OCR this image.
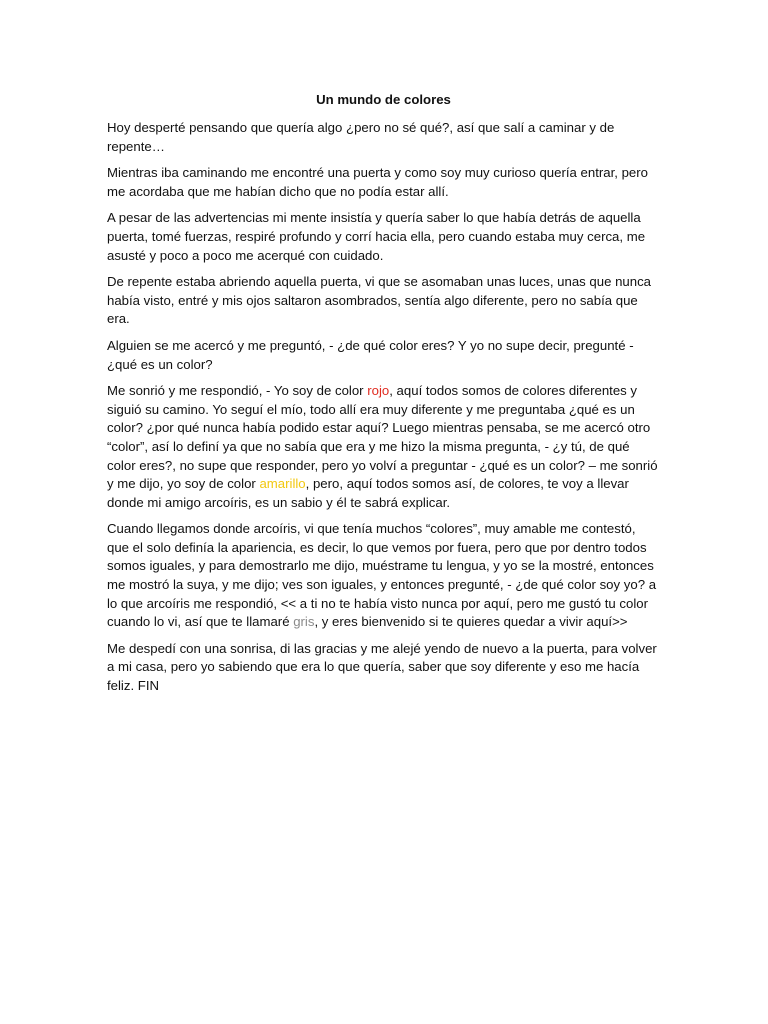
Un mundo de colores

Hoy desperté pensando que quería algo ¿pero no sé qué?, así que salí a caminar y de repente…

Mientras iba caminando me encontré una puerta y como soy muy curioso quería entrar, pero me acordaba que me habían dicho que no podía estar allí.

A pesar de las advertencias mi mente insistía y quería saber lo que había detrás de aquella puerta, tomé fuerzas, respiré profundo y corrí hacia ella, pero cuando estaba muy cerca, me asusté y poco a poco me acerqué con cuidado.

De repente estaba abriendo aquella puerta, vi que se asomaban unas luces, unas que nunca había visto, entré y mis ojos saltaron asombrados, sentía algo diferente, pero no sabía que era.

Alguien se me acercó y me preguntó, - ¿de qué color eres? Y yo no supe decir, pregunté - ¿qué es un color?

Me sonrió y me respondió, - Yo soy de color rojo, aquí todos somos de colores diferentes y siguió su camino. Yo seguí el mío, todo allí era muy diferente y me preguntaba ¿qué es un color? ¿por qué nunca había podido estar aquí? Luego mientras pensaba, se me acercó otro “color”, así lo definí ya que no sabía que era y me hizo la misma pregunta, - ¿y tú, de qué color eres?, no supe que responder, pero yo volví a preguntar - ¿qué es un color? – me sonrió y me dijo, yo soy de color amarillo, pero, aquí todos somos así, de colores, te voy a llevar donde mi amigo arcoíris, es un sabio y él te sabrá explicar.

Cuando llegamos donde arcoíris, vi que tenía muchos “colores”, muy amable me contestó, que el solo definía la apariencia, es decir, lo que vemos por fuera, pero que por dentro todos somos iguales, y para demostrarlo me dijo, muéstrame tu lengua, y yo se la mostré, entonces me mostró la suya, y me dijo; ves son iguales, y entonces pregunté, - ¿de qué color soy yo? a lo que arcoíris me respondió, << a ti no te había visto nunca por aquí, pero me gustó tu color cuando lo vi, así que te llamaré gris, y eres bienvenido si te quieres quedar a vivir aquí>>

Me despedí con una sonrisa, di las gracias y me alejé yendo de nuevo a la puerta, para volver a mi casa, pero yo sabiendo que era lo que quería, saber que soy diferente y eso me hacía feliz. FIN
